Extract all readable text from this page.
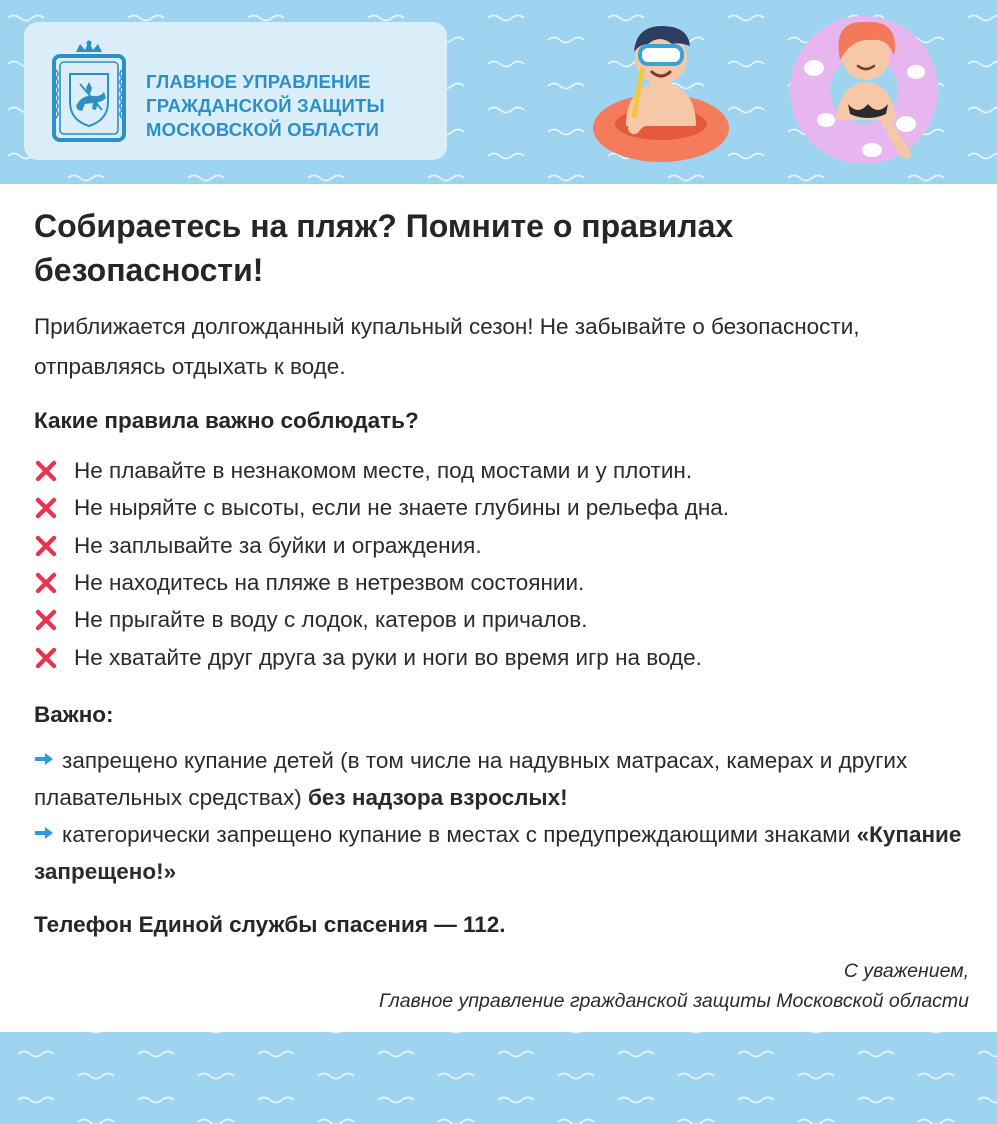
ГЛАВНОЕ УПРАВЛЕНИЕ
ГРАЖДАНСКОЙ ЗАЩИТЫ
МОСКОВСКОЙ ОБЛАСТИ
Собираетесь на пляж? Помните о правилах безопасности!
Приближается долгожданный купальный сезон! Не забывайте о безопасности, отправляясь отдыхать к воде.
Какие правила важно соблюдать?
Не плавайте в незнакомом месте, под мостами и у плотин.
Не ныряйте с высоты, если не знаете глубины и рельефа дна.
Не заплывайте за буйки и ограждения.
Не находитесь на пляже в нетрезвом состоянии.
Не прыгайте в воду с лодок, катеров и причалов.
Не хватайте друг друга за руки и ноги во время игр на воде.
Важно:
запрещено купание детей (в том числе на надувных матрасах, камерах и других плавательных средствах) без надзора взрослых!
категорически запрещено купание в местах с предупреждающими знаками «Купание запрещено!»
Телефон Единой службы спасения — 112.
С уважением,
Главное управление гражданской защиты Московской области
